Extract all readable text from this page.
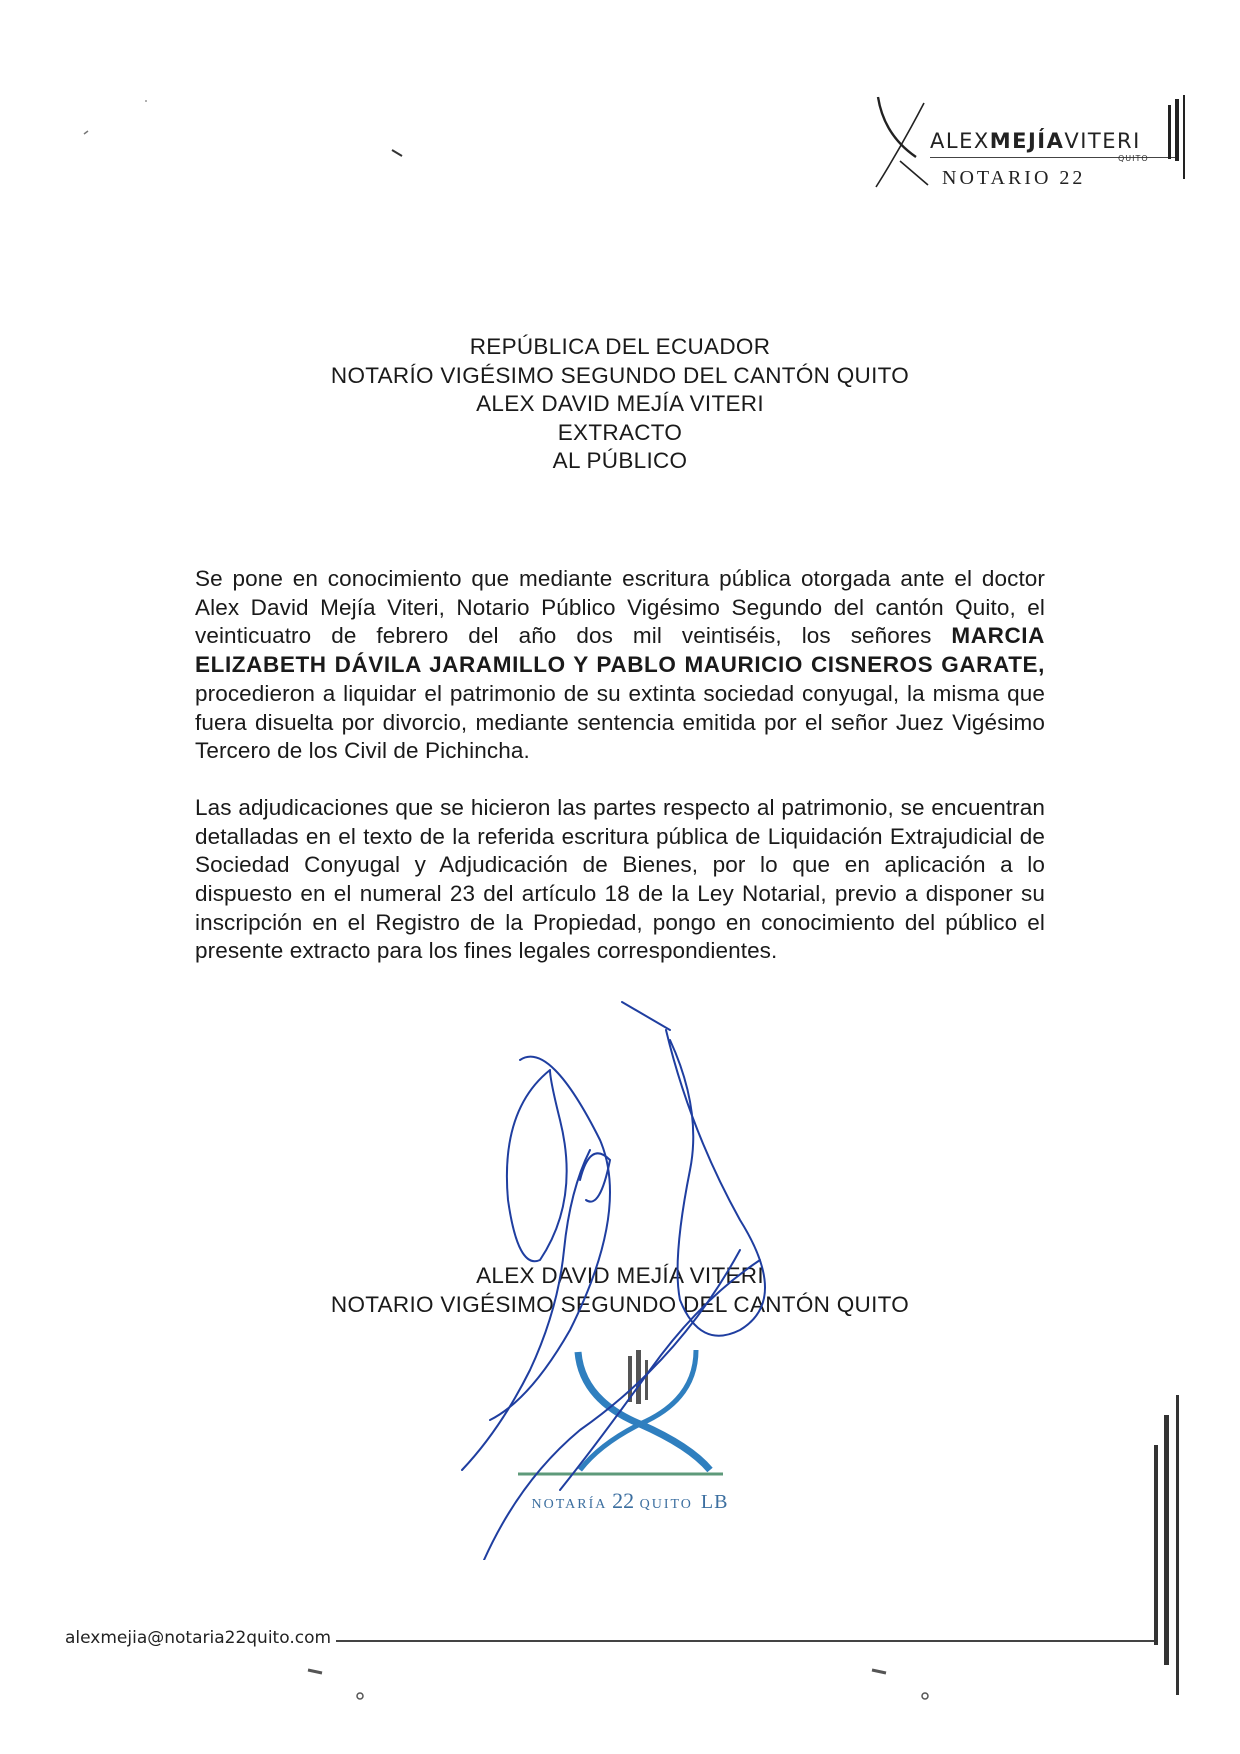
ALEXMEJÍAVITERI
QUITO
NOTARIO 22
REPÚBLICA DEL ECUADOR
NOTARÍO VIGÉSIMO SEGUNDO DEL CANTÓN QUITO
ALEX DAVID MEJÍA VITERI
EXTRACTO
AL PÚBLICO

Se pone en conocimiento que mediante escritura pública otorgada ante el doctor Alex David Mejía Viteri, Notario Público Vigésimo Segundo del cantón Quito, el veinticuatro de febrero del año dos mil veintiséis, los señores MARCIA ELIZABETH DÁVILA JARAMILLO Y PABLO MAURICIO CISNEROS GARATE, procedieron a liquidar el patrimonio de su extinta sociedad conyugal, la misma que fuera disuelta por divorcio, mediante sentencia emitida por el señor Juez Vigésimo Tercero de los Civil de Pichincha.

Las adjudicaciones que se hicieron las partes respecto al patrimonio, se encuentran detalladas en el texto de la referida escritura pública de Liquidación Extrajudicial de Sociedad Conyugal y Adjudicación de Bienes, por lo que en aplicación a lo dispuesto en el numeral 23 del artículo 18 de la Ley Notarial, previo a disponer su inscripción en el Registro de la Propiedad, pongo en conocimiento del público el presente extracto para los fines legales correspondientes.

ALEX DAVID MEJÍA VITERI
NOTARIO VIGÉSIMO SEGUNDO DEL CANTÓN QUITO
NOTARÍA 22 QUITO LB
alexmejia@notaria22quito.com
